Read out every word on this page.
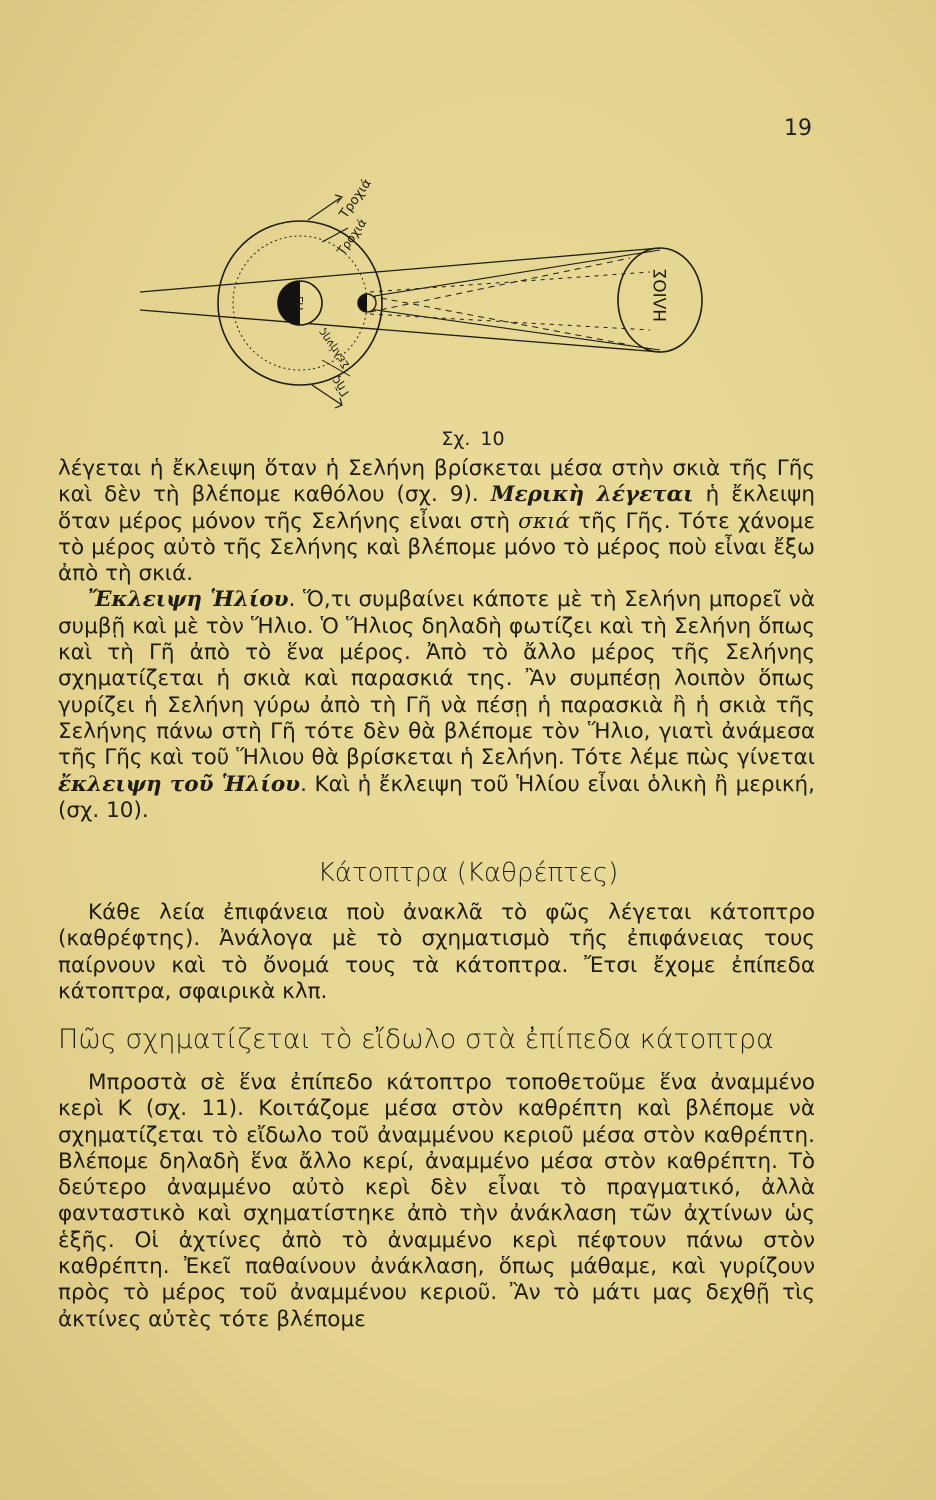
19
ΓΗ	ΗΛΙΟΣ
Τροχιά
Τροχιά
Σελήνης
Γῆς
Σχ. 10

λέγεται ἡ ἔκλειψη ὅταν ἡ Σελήνη βρίσκεται μέσα στὴν σκιὰ τῆς Γῆς καὶ δὲν τὴ βλέπομε καθόλου (σχ. 9). Μερικὴ λέγεται ἡ ἔκλειψη ὅταν μέρος μόνον τῆς Σελήνης εἶναι στὴ σκιά τῆς Γῆς. Τότε χάνομε τὸ μέρος αὐτὸ τῆς Σελήνης καὶ βλέπομε μόνο τὸ μέρος ποὺ εἶναι ἔξω ἀπὸ τὴ σκιά.

Ἔκλειψη Ἡλίου. Ὅ,τι συμβαίνει κάποτε μὲ τὴ Σελήνη μπορεῖ νὰ συμβῇ καὶ μὲ τὸν Ἥλιο. Ὁ Ἥλιος δηλαδὴ φωτίζει καὶ τὴ Σελήνη ὅπως καὶ τὴ Γῆ ἀπὸ τὸ ἕνα μέρος. Ἀπὸ τὸ ἄλλο μέρος τῆς Σελήνης σχηματίζεται ἡ σκιὰ καὶ παρασκιά της. Ἂν συμπέσῃ λοιπὸν ὅπως γυρίζει ἡ Σελήνη γύρω ἀπὸ τὴ Γῆ νὰ πέσῃ ἡ παρασκιὰ ἢ ἡ σκιὰ τῆς Σελήνης πάνω στὴ Γῆ τότε δὲν θὰ βλέπομε τὸν Ἥλιο, γιατὶ ἀνάμεσα τῆς Γῆς καὶ τοῦ Ἥλιου θὰ βρίσκεται ἡ Σελήνη. Τότε λέμε πὼς γίνεται ἔκλειψη τοῦ Ἡλίου. Καὶ ἡ ἔκλειψη τοῦ Ἡλίου εἶναι ὁλικὴ ἢ μερική, (σχ. 10).

Κάτοπτρα (Καθρέπτες)

Κάθε λεία ἐπιφάνεια ποὺ ἀνακλᾶ τὸ φῶς λέγεται κάτοπτρο (καθρέφτης). Ἀνάλογα μὲ τὸ σχηματισμὸ τῆς ἐπιφάνειας τους παίρνουν καὶ τὸ ὄνομά τους τὰ κάτοπτρα. Ἔτσι ἔχομε ἐπίπεδα κάτοπτρα, σφαιρικὰ κλπ.

Πῶς σχηματίζεται τὸ εἴδωλο στὰ ἐπίπεδα κάτοπτρα

Μπροστὰ σὲ ἕνα ἐπίπεδο κάτοπτρο τοποθετοῦμε ἕνα ἀναμμένο κερὶ Κ (σχ. 11). Κοιτάζομε μέσα στὸν καθρέπτη καὶ βλέπομε νὰ σχηματίζεται τὸ εἴδωλο τοῦ ἀναμμένου κεριοῦ μέσα στὸν καθρέπτη. Βλέπομε δηλαδὴ ἕνα ἄλλο κερί, ἀναμμένο μέσα στὸν καθρέπτη. Τὸ δεύτερο ἀναμμένο αὐτὸ κερὶ δὲν εἶναι τὸ πραγματικό, ἀλλὰ φανταστικὸ καὶ σχηματίστηκε ἀπὸ τὴν ἀνάκλαση τῶν ἀχτίνων ὡς ἑξῆς. Οἱ ἀχτίνες ἀπὸ τὸ ἀναμμένο κερὶ πέφτουν πάνω στὸν καθρέπτη. Ἐκεῖ παθαίνουν ἀνάκλαση, ὅπως μάθαμε, καὶ γυρίζουν πρὸς τὸ μέρος τοῦ ἀναμμένου κεριοῦ. Ἂν τὸ μάτι μας δεχθῇ τὶς ἀκτίνες αὐτὲς τότε βλέπομε
